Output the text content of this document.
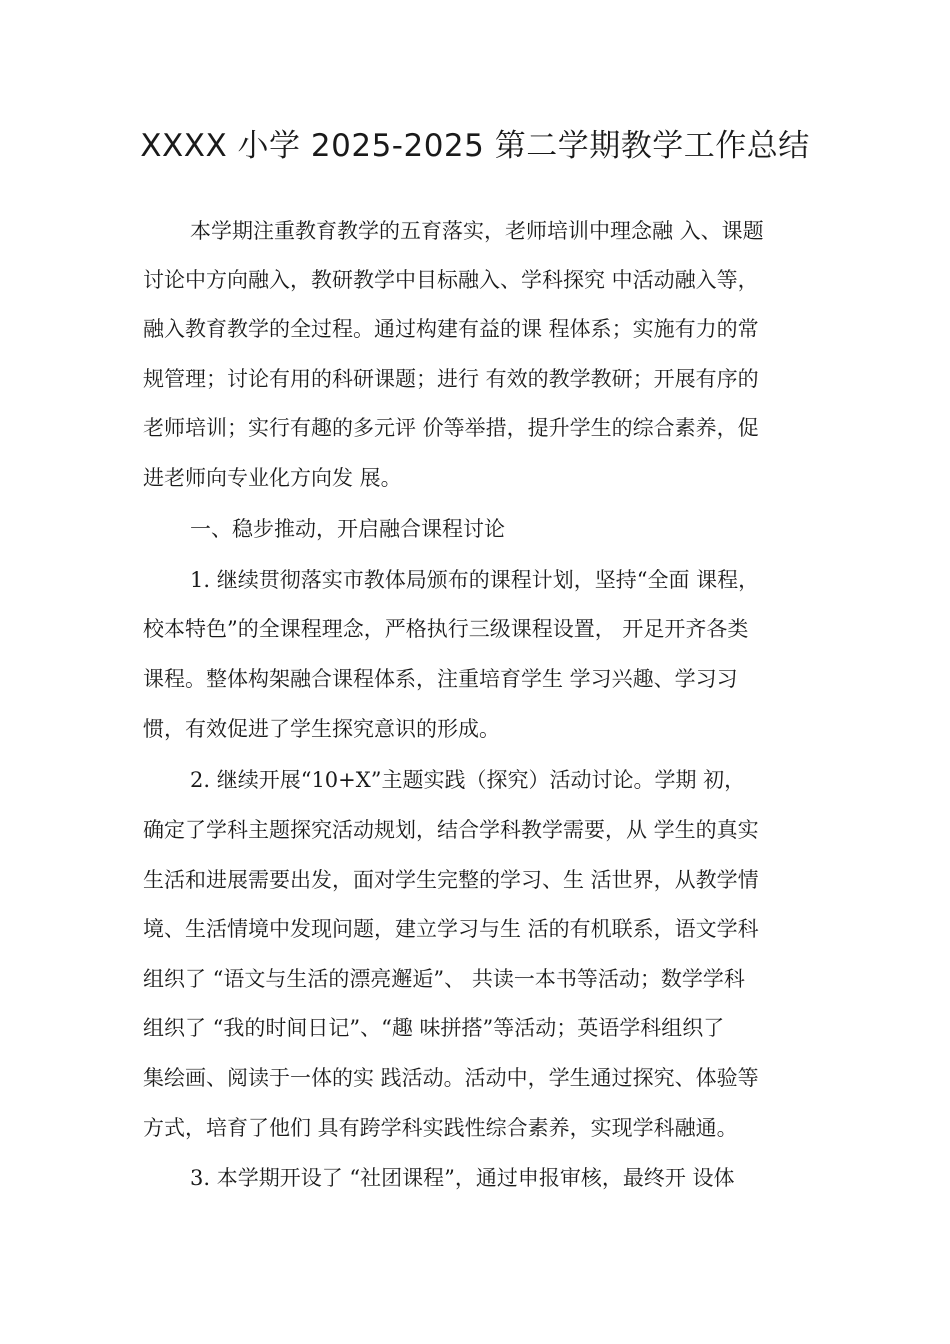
XXXX 小学 2025-2025 第二学期教学工作总结
本学期注重教育教学的五育落实，老师培训中理念融 入、课题
讨论中方向融入，教研教学中目标融入、学科探究 中活动融入等，
融入教育教学的全过程。通过构建有益的课 程体系；实施有力的常
规管理；讨论有用的科研课题；进行 有效的教学教研；开展有序的
老师培训；实行有趣的多元评 价等举措，提升学生的综合素养，促
进老师向专业化方向发 展。
一、稳步推动，开启融合课程讨论
1. 继续贯彻落实市教体局颁布的课程计划，坚持“全面 课程，
校本特色”的全课程理念，严格执行三级课程设置， 开足开齐各类
课程。整体构架融合课程体系，注重培育学生 学习兴趣、学习习
惯，有效促进了学生探究意识的形成。
2. 继续开展“10+X”主题实践（探究）活动讨论。学期 初，
确定了学科主题探究活动规划，结合学科教学需要，从 学生的真实
生活和进展需要出发，面对学生完整的学习、生 活世界，从教学情
境、生活情境中发现问题，建立学习与生 活的有机联系，语文学科
组织了 “语文与生活的漂亮邂逅”、 共读一本书等活动；数学学科
组织了 “我的时间日记”、“趣 味拼搭”等活动；英语学科组织了
集绘画、阅读于一体的实 践活动。活动中，学生通过探究、体验等
方式，培育了他们 具有跨学科实践性综合素养，实现学科融通。
3. 本学期开设了 “社团课程”，通过申报审核，最终开 设体
